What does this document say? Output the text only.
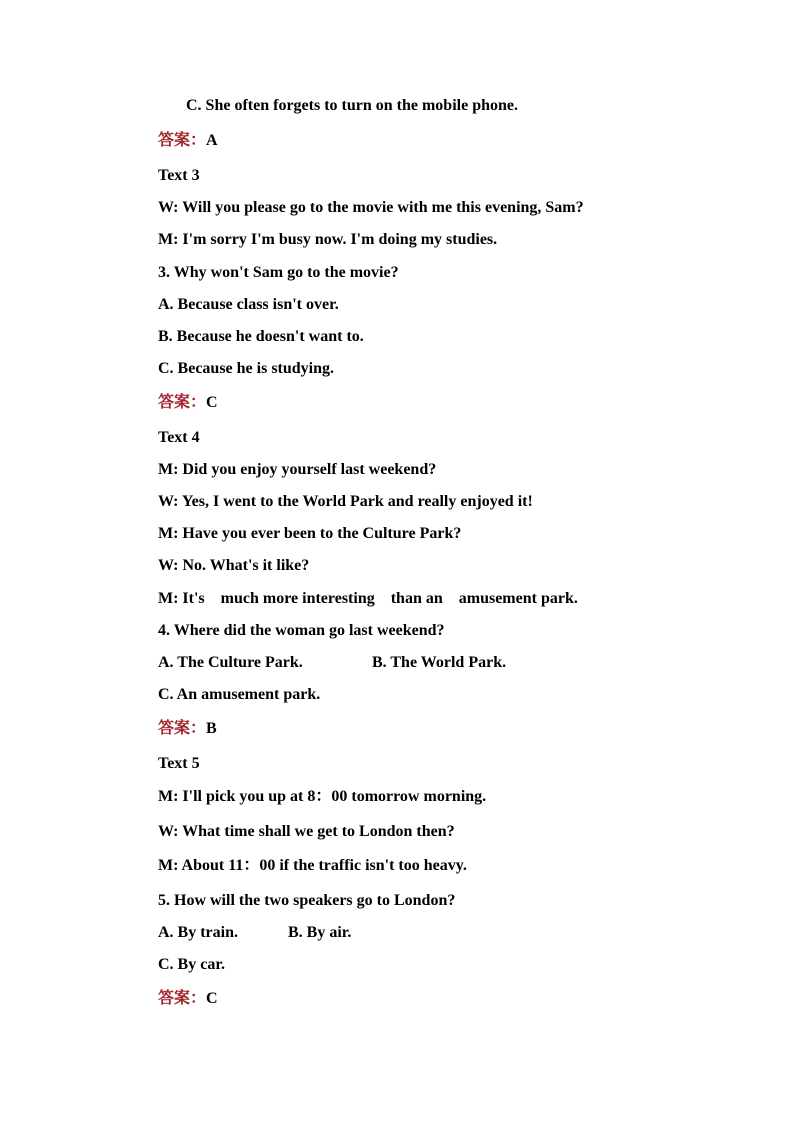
C. She often forgets to turn on the mobile phone.

答案：A

Text 3

W: Will you please go to the movie with me this evening, Sam?

M: I'm sorry I'm busy now. I'm doing my studies.

3. Why won't Sam go to the movie?

A. Because class isn't over.

B. Because he doesn't want to.

C. Because he is studying.

答案：C

Text 4

M: Did you enjoy yourself last weekend?

W: Yes, I went to the World Park and really enjoyed it!

M: Have you ever been to the Culture Park?

W: No. What's it like?

M: It's    much more interesting    than an    amusement park.

4. Where did the woman go last weekend?

A. The Culture Park.	B. The World Park.

C. An amusement park.

答案：B

Text 5

M: I'll pick you up at 8：00 tomorrow morning.

W: What time shall we get to London then?

M: About 11：00 if the traffic isn't too heavy.

5. How will the two speakers go to London?

A. By train.	B. By air.

C. By car.

答案：C
